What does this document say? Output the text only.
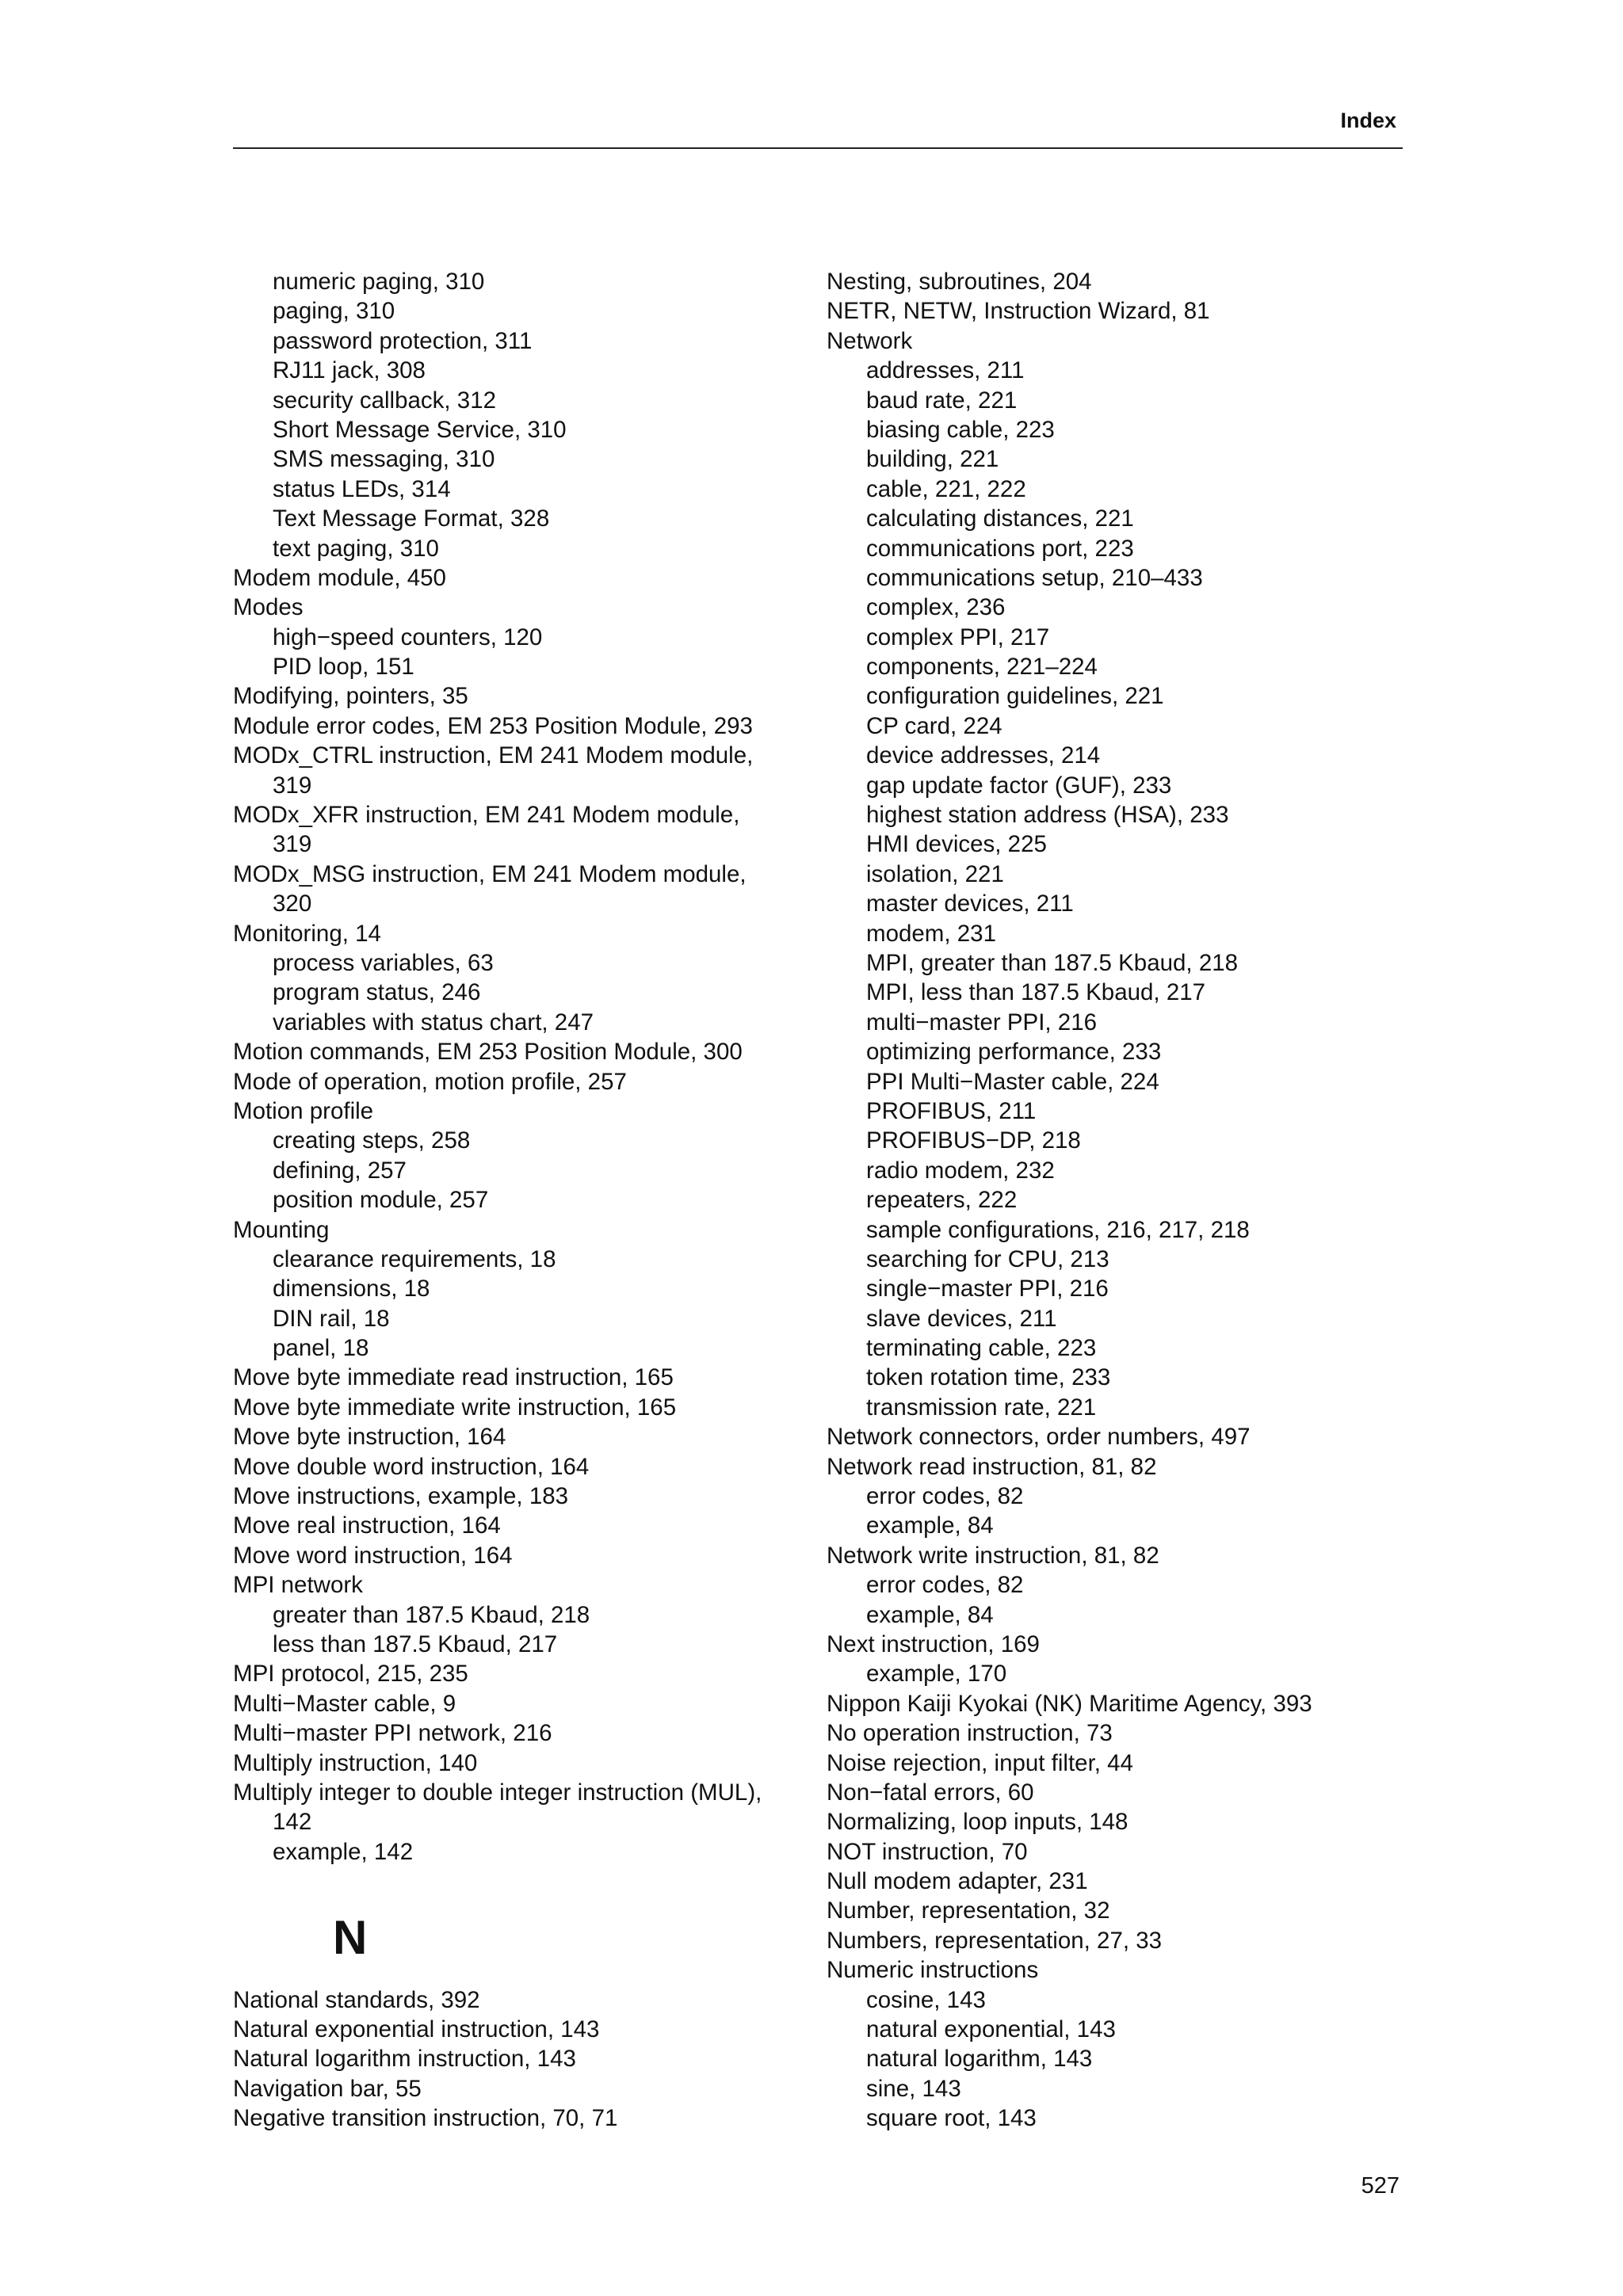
Index
numeric paging, 310
paging, 310
password protection, 311
RJ11 jack, 308
security callback, 312
Short Message Service, 310
SMS messaging, 310
status LEDs, 314
Text Message Format, 328
text paging, 310
Modem module, 450
Modes
high−speed counters, 120
PID loop, 151
Modifying, pointers, 35
Module error codes, EM 253 Position Module, 293
MODx_CTRL instruction, EM 241 Modem module,
319
MODx_XFR instruction, EM 241 Modem module,
319
MODx_MSG instruction, EM 241 Modem module,
320
Monitoring, 14
process variables, 63
program status, 246
variables with status chart, 247
Motion commands, EM 253 Position Module, 300
Mode of operation, motion profile, 257
Motion profile
creating steps, 258
defining, 257
position module, 257
Mounting
clearance requirements, 18
dimensions, 18
DIN rail, 18
panel, 18
Move byte immediate read instruction, 165
Move byte immediate write instruction, 165
Move byte instruction, 164
Move double word instruction, 164
Move instructions, example, 183
Move real instruction, 164
Move word instruction, 164
MPI network
greater than 187.5 Kbaud, 218
less than 187.5 Kbaud, 217
MPI protocol, 215, 235
Multi−Master cable, 9
Multi−master PPI network, 216
Multiply instruction, 140
Multiply integer to double integer instruction (MUL),
142
example, 142
N
National standards, 392
Natural exponential instruction, 143
Natural logarithm instruction, 143
Navigation bar, 55
Negative transition instruction, 70, 71
Nesting, subroutines, 204
NETR, NETW, Instruction Wizard, 81
Network
addresses, 211
baud rate, 221
biasing cable, 223
building, 221
cable, 221, 222
calculating distances, 221
communications port, 223
communications setup, 210–433
complex, 236
complex PPI, 217
components, 221–224
configuration guidelines, 221
CP card, 224
device addresses, 214
gap update factor (GUF), 233
highest station address (HSA), 233
HMI devices, 225
isolation, 221
master devices, 211
modem, 231
MPI, greater than 187.5 Kbaud, 218
MPI, less than 187.5 Kbaud, 217
multi−master PPI, 216
optimizing performance, 233
PPI Multi−Master cable, 224
PROFIBUS, 211
PROFIBUS−DP, 218
radio modem, 232
repeaters, 222
sample configurations, 216, 217, 218
searching for CPU, 213
single−master PPI, 216
slave devices, 211
terminating cable, 223
token rotation time, 233
transmission rate, 221
Network connectors, order numbers, 497
Network read instruction, 81, 82
error codes, 82
example, 84
Network write instruction, 81, 82
error codes, 82
example, 84
Next instruction, 169
example, 170
Nippon Kaiji Kyokai (NK) Maritime Agency, 393
No operation instruction, 73
Noise rejection, input filter, 44
Non−fatal errors, 60
Normalizing, loop inputs, 148
NOT instruction, 70
Null modem adapter, 231
Number, representation, 32
Numbers, representation, 27, 33
Numeric instructions
cosine, 143
natural exponential, 143
natural logarithm, 143
sine, 143
square root, 143
527
